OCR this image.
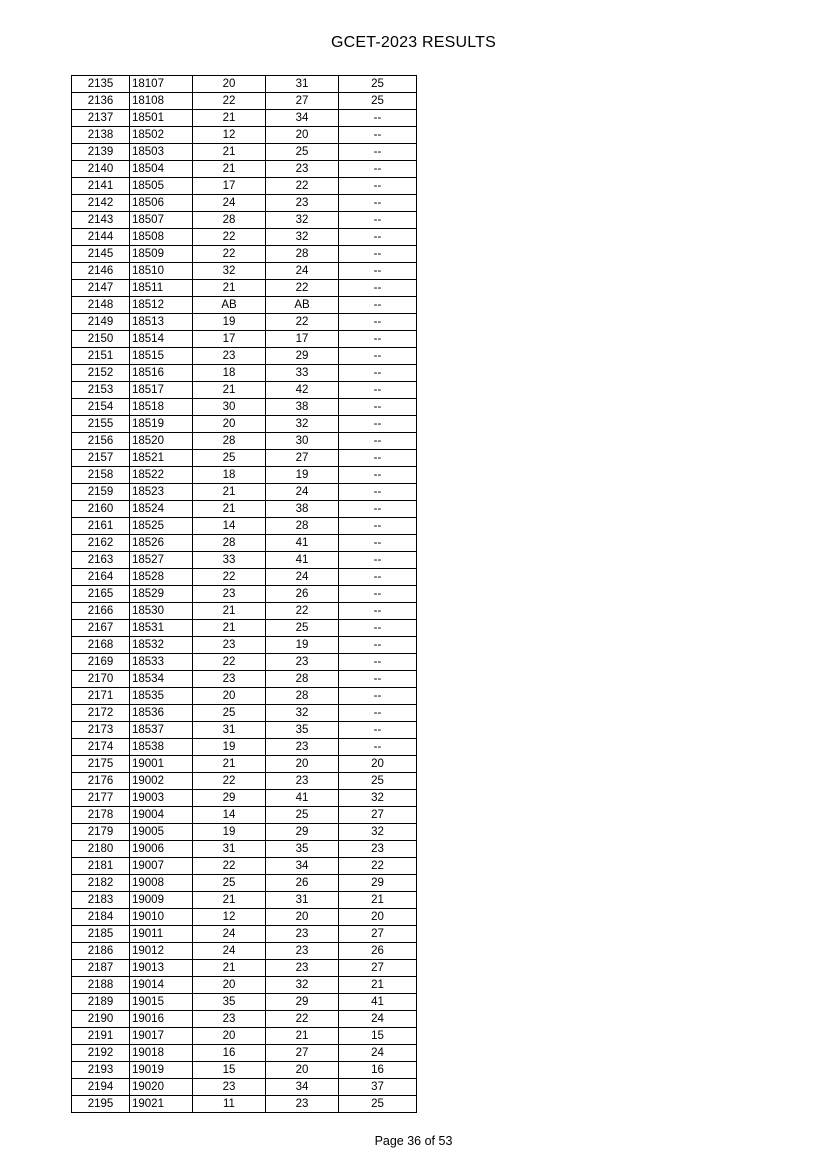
GCET-2023 RESULTS
2135	18107	20	31	25
2136	18108	22	27	25
2137	18501	21	34	--
2138	18502	12	20	--
2139	18503	21	25	--
2140	18504	21	23	--
2141	18505	17	22	--
2142	18506	24	23	--
2143	18507	28	32	--
2144	18508	22	32	--
2145	18509	22	28	--
2146	18510	32	24	--
2147	18511	21	22	--
2148	18512	AB	AB	--
2149	18513	19	22	--
2150	18514	17	17	--
2151	18515	23	29	--
2152	18516	18	33	--
2153	18517	21	42	--
2154	18518	30	38	--
2155	18519	20	32	--
2156	18520	28	30	--
2157	18521	25	27	--
2158	18522	18	19	--
2159	18523	21	24	--
2160	18524	21	38	--
2161	18525	14	28	--
2162	18526	28	41	--
2163	18527	33	41	--
2164	18528	22	24	--
2165	18529	23	26	--
2166	18530	21	22	--
2167	18531	21	25	--
2168	18532	23	19	--
2169	18533	22	23	--
2170	18534	23	28	--
2171	18535	20	28	--
2172	18536	25	32	--
2173	18537	31	35	--
2174	18538	19	23	--
2175	19001	21	20	20
2176	19002	22	23	25
2177	19003	29	41	32
2178	19004	14	25	27
2179	19005	19	29	32
2180	19006	31	35	23
2181	19007	22	34	22
2182	19008	25	26	29
2183	19009	21	31	21
2184	19010	12	20	20
2185	19011	24	23	27
2186	19012	24	23	26
2187	19013	21	23	27
2188	19014	20	32	21
2189	19015	35	29	41
2190	19016	23	22	24
2191	19017	20	21	15
2192	19018	16	27	24
2193	19019	15	20	16
2194	19020	23	34	37
2195	19021	11	23	25
Page 36 of 53
